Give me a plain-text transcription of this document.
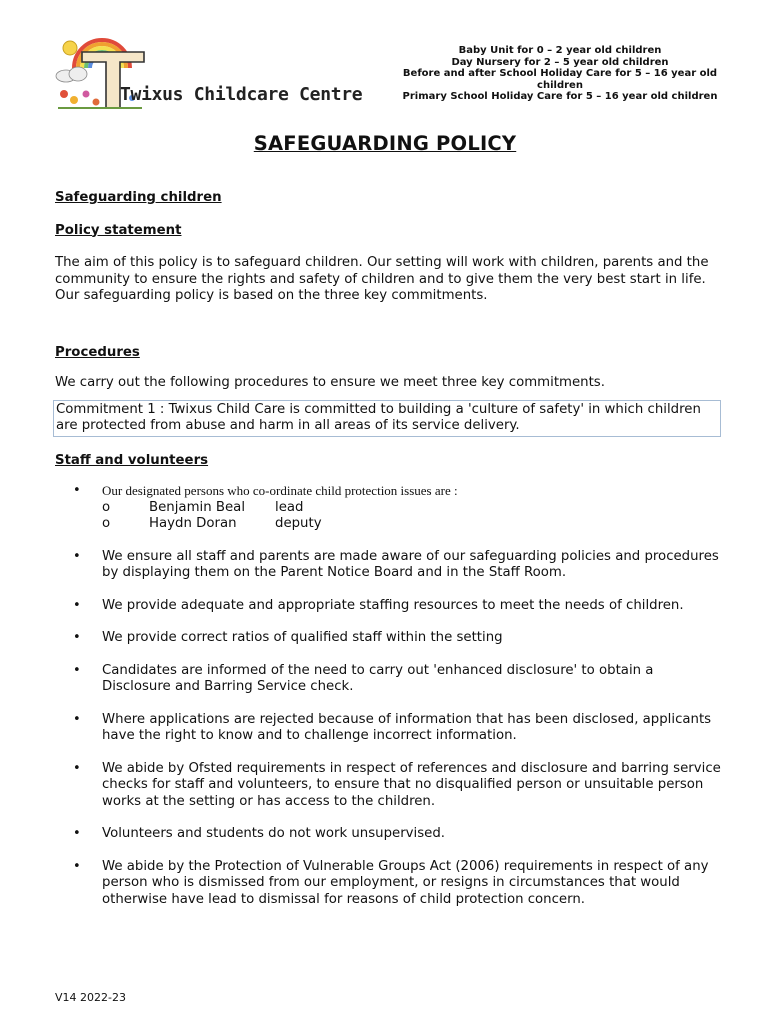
Twixus Childcare Centre
Baby Unit for 0 – 2 year old children
Day Nursery for 2 – 5 year old children
Before and after School Holiday Care for 5 – 16 year old children
Primary School Holiday Care for 5 – 16 year old children
SAFEGUARDING POLICY

Safeguarding children

Policy statement

The aim of this policy is to safeguard children. Our setting will work with children, parents and the community to ensure the rights and safety of children and to give them the very best start in life. Our safeguarding policy is based on the three key commitments.

Procedures

We carry out the following procedures to ensure we meet three key commitments.

Commitment 1 : Twixus Child Care is committed to building a 'culture of safety' in which children are protected from abuse and harm in all areas of its service delivery.

Staff and volunteers

• Our designated persons who co-ordinate child protection issues are :
o	Benjamin Beal	lead
o	Haydn Doran	deputy
• We ensure all staff and parents are made aware of our safeguarding policies and procedures by displaying them on the Parent Notice Board and in the Staff Room.
• We provide adequate and appropriate staffing resources to meet the needs of children.
• We provide correct ratios of qualified staff within the setting
• Candidates are informed of the need to carry out 'enhanced disclosure' to obtain a Disclosure and Barring Service check.
• Where applications are rejected because of information that has been disclosed, applicants have the right to know and to challenge incorrect information.
• We abide by Ofsted requirements in respect of references and disclosure and barring service checks for staff and volunteers, to ensure that no disqualified person or unsuitable person works at the setting or has access to the children.
• Volunteers and students do not work unsupervised.
• We abide by the Protection of Vulnerable Groups Act (2006) requirements in respect of any person who is dismissed from our employment, or resigns in circumstances that would otherwise have lead to dismissal for reasons of child protection concern.
V14 2022-23
